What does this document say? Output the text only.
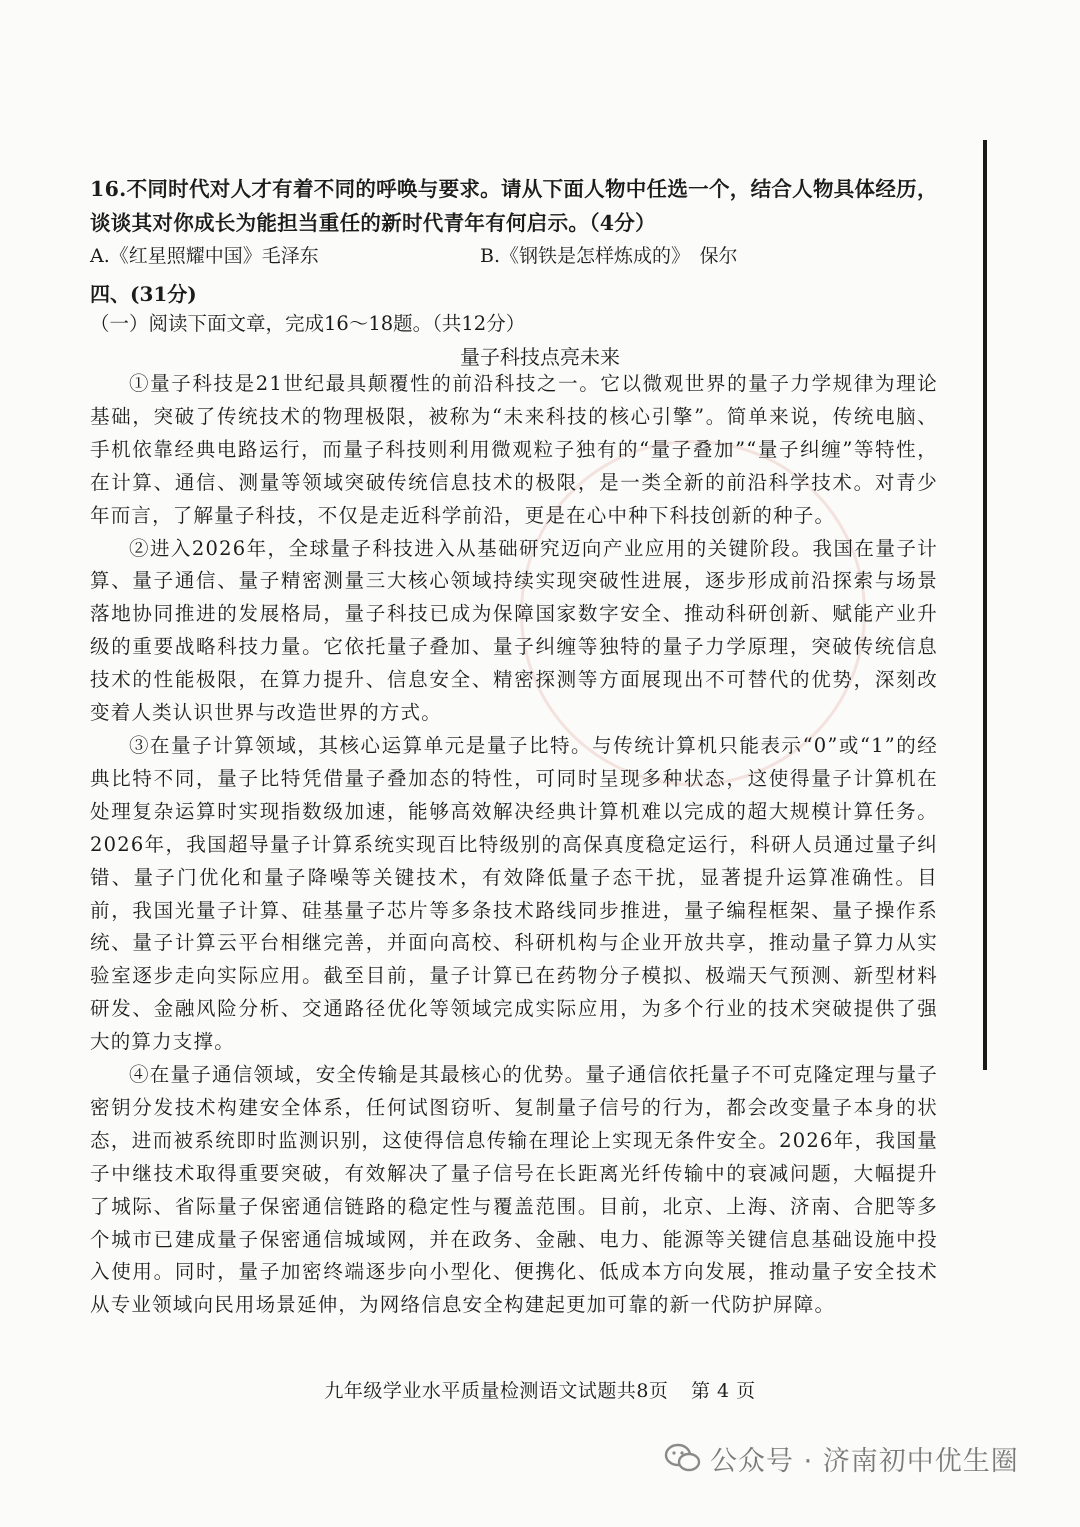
16.不同时代对人才有着不同的呼唤与要求。请从下面人物中任选一个，结合人物具体经历，谈谈其对你成长为能担当重任的新时代青年有何启示。（4分）
A.《红星照耀中国》毛泽东	B.《钢铁是怎样炼成的》　保尔
四、(31分)
（一）阅读下面文章，完成16～18题。（共12分）
量子科技点亮未来

①量子科技是21世纪最具颠覆性的前沿科技之一。它以微观世界的量子力学规律为理论基础，突破了传统技术的物理极限，被称为“未来科技的核心引擎”。简单来说，传统电脑、手机依靠经典电路运行，而量子科技则利用微观粒子独有的“量子叠加”“量子纠缠”等特性，在计算、通信、测量等领域突破传统信息技术的极限，是一类全新的前沿科学技术。对青少年而言，了解量子科技，不仅是走近科学前沿，更是在心中种下科技创新的种子。

②进入2026年，全球量子科技进入从基础研究迈向产业应用的关键阶段。我国在量子计算、量子通信、量子精密测量三大核心领域持续实现突破性进展，逐步形成前沿探索与场景落地协同推进的发展格局，量子科技已成为保障国家数字安全、推动科研创新、赋能产业升级的重要战略科技力量。它依托量子叠加、量子纠缠等独特的量子力学原理，突破传统信息技术的性能极限，在算力提升、信息安全、精密探测等方面展现出不可替代的优势，深刻改变着人类认识世界与改造世界的方式。

③在量子计算领域，其核心运算单元是量子比特。与传统计算机只能表示“0”或“1”的经典比特不同，量子比特凭借量子叠加态的特性，可同时呈现多种状态，这使得量子计算机在处理复杂运算时实现指数级加速，能够高效解决经典计算机难以完成的超大规模计算任务。2026年，我国超导量子计算系统实现百比特级别的高保真度稳定运行，科研人员通过量子纠错、量子门优化和量子降噪等关键技术，有效降低量子态干扰，显著提升运算准确性。目前，我国光量子计算、硅基量子芯片等多条技术路线同步推进，量子编程框架、量子操作系统、量子计算云平台相继完善，并面向高校、科研机构与企业开放共享，推动量子算力从实验室逐步走向实际应用。截至目前，量子计算已在药物分子模拟、极端天气预测、新型材料研发、金融风险分析、交通路径优化等领域完成实际应用，为多个行业的技术突破提供了强大的算力支撑。

④在量子通信领域，安全传输是其最核心的优势。量子通信依托量子不可克隆定理与量子密钥分发技术构建安全体系，任何试图窃听、复制量子信号的行为，都会改变量子本身的状态，进而被系统即时监测识别，这使得信息传输在理论上实现无条件安全。2026年，我国量子中继技术取得重要突破，有效解决了量子信号在长距离光纤传输中的衰减问题，大幅提升了城际、省际量子保密通信链路的稳定性与覆盖范围。目前，北京、上海、济南、合肥等多个城市已建成量子保密通信城域网，并在政务、金融、电力、能源等关键信息基础设施中投入使用。同时，量子加密终端逐步向小型化、便携化、低成本方向发展，推动量子安全技术从专业领域向民用场景延伸，为网络信息安全构建起更加可靠的新一代防护屏障。

九年级学业水平质量检测语文试题共8页 第 4 页
公众号 · 济南初中优生圈
